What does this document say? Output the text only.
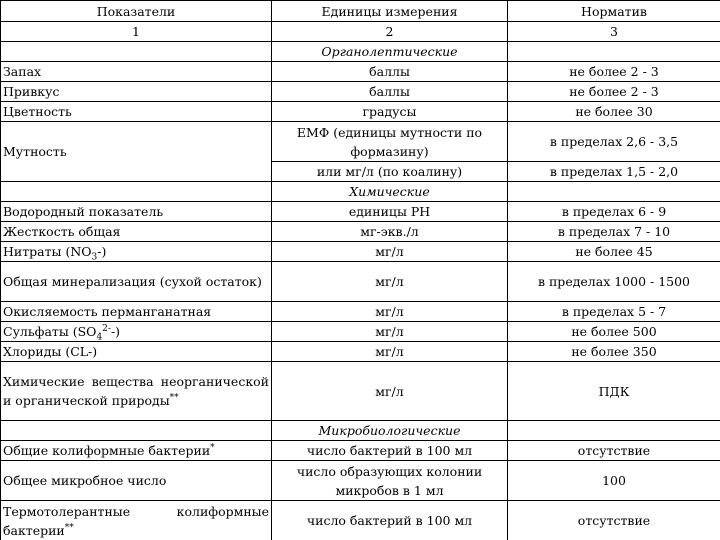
Показатели	Единицы измерения	Норматив
1	2	3
	Органолептические	
Запах	баллы	не более 2 - 3
Привкус	баллы	не более 2 - 3
Цветность	градусы	не более 30
Мутность	ЕМФ (единицы мутности по формазину)	в пределах 2,6 - 3,5
	или мг/л (по коалину)	в пределах 1,5 - 2,0
	Химические	
Водородный показатель	единицы PH	в пределах 6 - 9
Жесткость общая	мг-экв./л	в пределах 7 - 10
Нитраты $(NO_3-)$	мг/л	не более 45
Общая минерализация (сухой остаток)	мг/л	в пределах 1000 - 1500
Окисляемость перманганатная	мг/л	в пределах 5 - 7
Сульфаты $(SO_4^{2-}-)$	мг/л	не более 500
Хлориды (CL-)	мг/л	не более 350
Химические вещества неорганической и органической природы**	мг/л	ПДК
	Микробиологические	
Общие колиформные бактерии*	число бактерий в 100 мл	отсутствие
Общее микробное число	число образующих колонии микробов в 1 мл	100
Термотолерантные колиформные бактерии**	число бактерий в 100 мл	отсутствие
